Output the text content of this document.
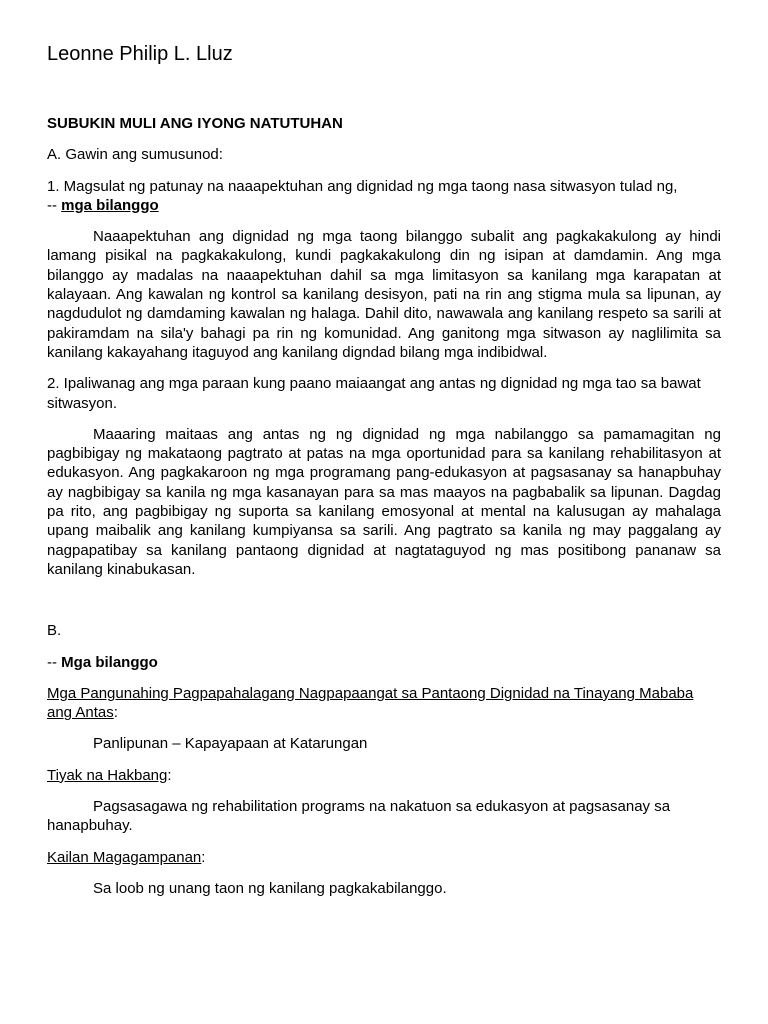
Leonne Philip L. Lluz

SUBUKIN MULI ANG IYONG NATUTUHAN

A. Gawin ang sumusunod:

1. Magsulat ng patunay na naaapektuhan ang dignidad ng mga taong nasa sitwasyon tulad ng,
-- mga bilanggo

Naaapektuhan ang dignidad ng mga taong bilanggo subalit ang pagkakakulong ay hindi lamang pisikal na pagkakakulong, kundi pagkakakulong din ng isipan at damdamin. Ang mga bilanggo ay madalas na naaapektuhan dahil sa mga limitasyon sa kanilang mga karapatan at kalayaan. Ang kawalan ng kontrol sa kanilang desisyon, pati na rin ang stigma mula sa lipunan, ay nagdudulot ng damdaming kawalan ng halaga. Dahil dito, nawawala ang kanilang respeto sa sarili at pakiramdam na sila'y bahagi pa rin ng komunidad. Ang ganitong mga sitwason ay naglilimita sa kanilang kakayahang itaguyod ang kanilang digndad bilang mga indibidwal.

2. Ipaliwanag ang mga paraan kung paano maiaangat ang antas ng dignidad ng mga tao sa bawat sitwasyon.

Maaaring maitaas ang antas ng ng dignidad ng mga nabilanggo sa pamamagitan ng pagbibigay ng makataong pagtrato at patas na mga oportunidad para sa kanilang rehabilitasyon at edukasyon. Ang pagkakaroon ng mga programang pang-edukasyon at pagsasanay sa hanapbuhay ay nagbibigay sa kanila ng mga kasanayan para sa mas maayos na pagbabalik sa lipunan. Dagdag pa rito, ang pagbibigay ng suporta sa kanilang emosyonal at mental na kalusugan ay mahalaga upang maibalik ang kanilang kumpiyansa sa sarili. Ang pagtrato sa kanila ng may paggalang ay nagpapatibay sa kanilang pantaong dignidad at nagtataguyod ng mas positibong pananaw sa kanilang kinabukasan.

B.

-- Mga bilanggo

Mga Pangunahing Pagpapahalagang Nagpapaangat sa Pantaong Dignidad na Tinayang Mababa ang Antas:

Panlipunan – Kapayapaan at Katarungan

Tiyak na Hakbang:

Pagsasagawa ng rehabilitation programs na nakatuon sa edukasyon at pagsasanay sa hanapbuhay.

Kailan Magagampanan:

Sa loob ng unang taon ng kanilang pagkakabilanggo.
